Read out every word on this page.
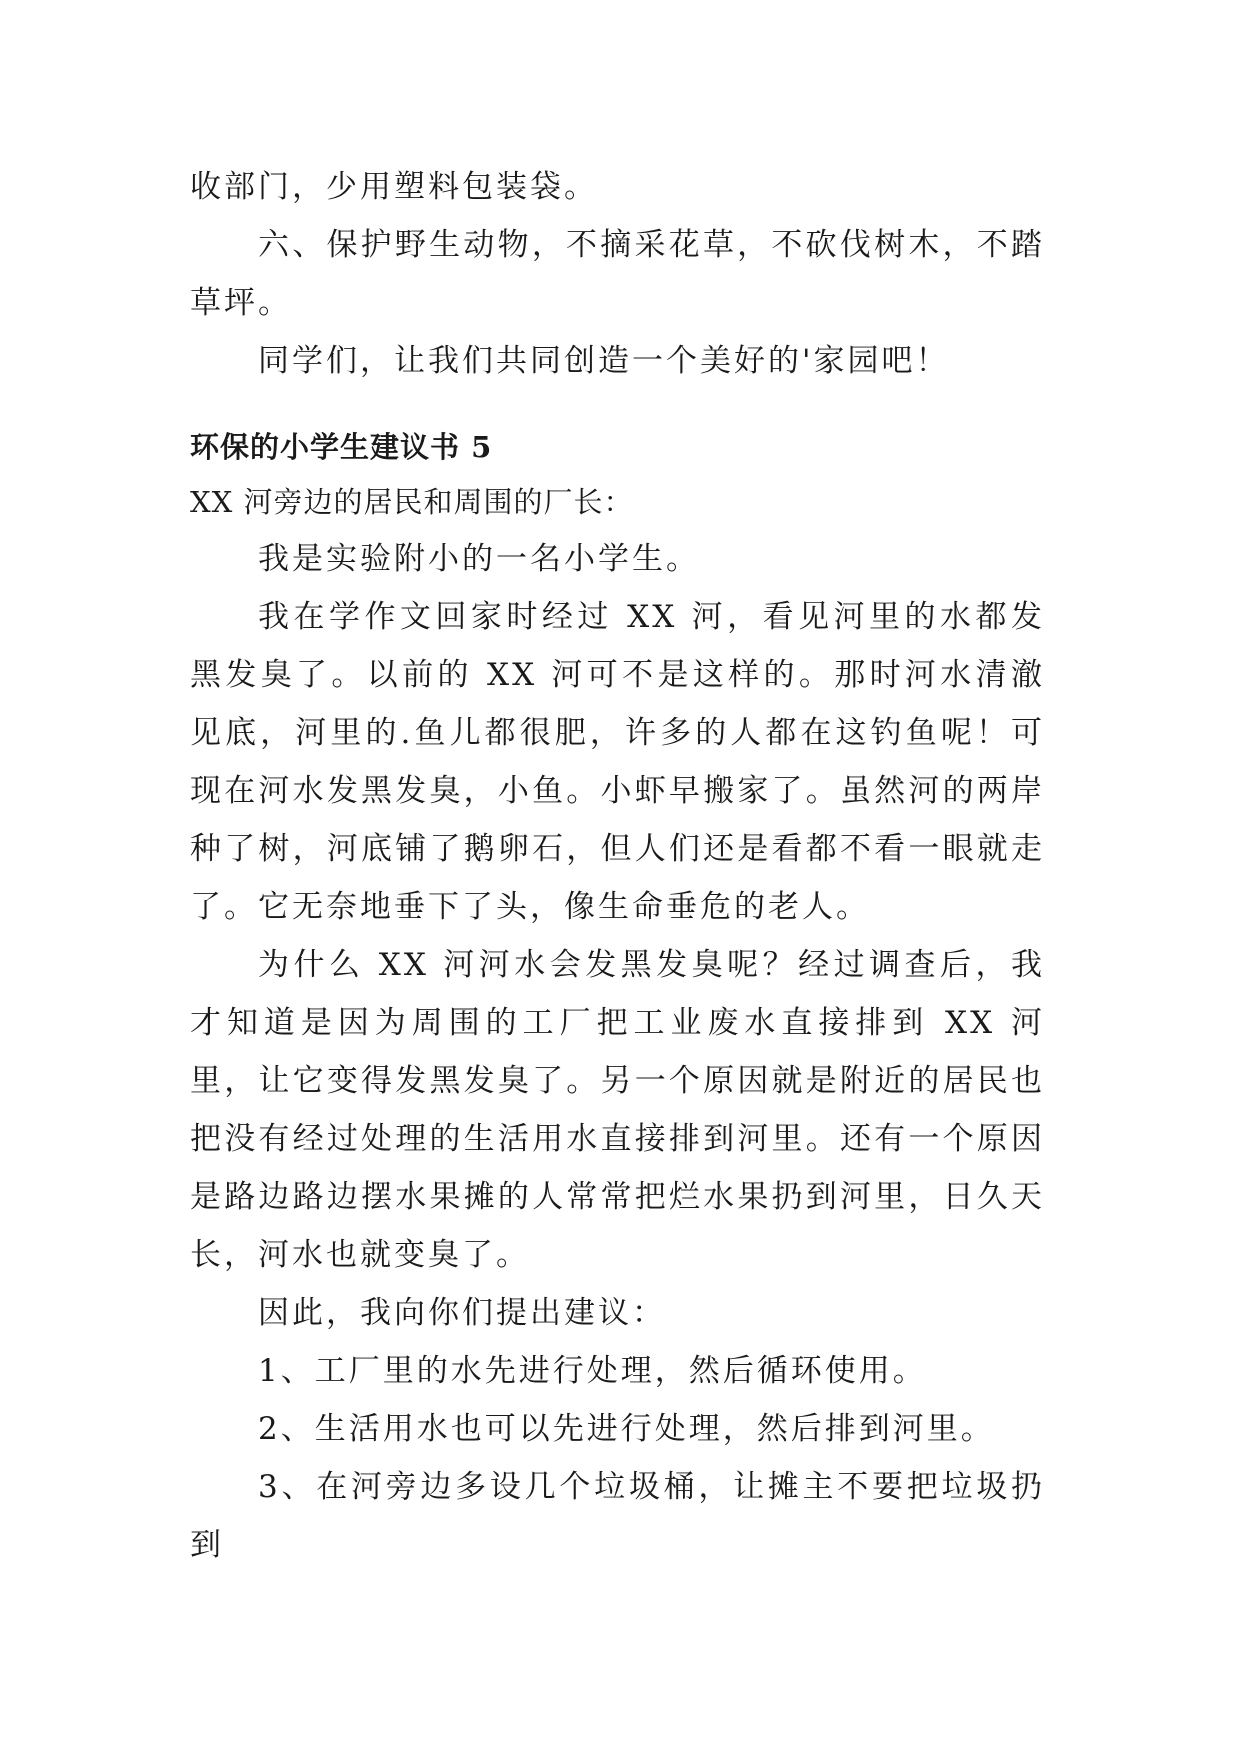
收部门，少用塑料包装袋。

六、保护野生动物，不摘采花草，不砍伐树木，不踏草坪。

同学们，让我们共同创造一个美好的'家园吧！

环保的小学生建议书 5

XX 河旁边的居民和周围的厂长：

我是实验附小的一名小学生。

我在学作文回家时经过 XX 河，看见河里的水都发黑发臭了。以前的 XX 河可不是这样的。那时河水清澈见底，河里的.鱼儿都很肥，许多的人都在这钓鱼呢！可现在河水发黑发臭，小鱼。小虾早搬家了。虽然河的两岸种了树，河底铺了鹅卵石，但人们还是看都不看一眼就走了。它无奈地垂下了头，像生命垂危的老人。

为什么 XX 河河水会发黑发臭呢？经过调查后，我才知道是因为周围的工厂把工业废水直接排到 XX 河里，让它变得发黑发臭了。另一个原因就是附近的居民也把没有经过处理的生活用水直接排到河里。还有一个原因是路边路边摆水果摊的人常常把烂水果扔到河里，日久天长，河水也就变臭了。

因此，我向你们提出建议：

1、工厂里的水先进行处理，然后循环使用。

2、生活用水也可以先进行处理，然后排到河里。

3、在河旁边多设几个垃圾桶，让摊主不要把垃圾扔到
